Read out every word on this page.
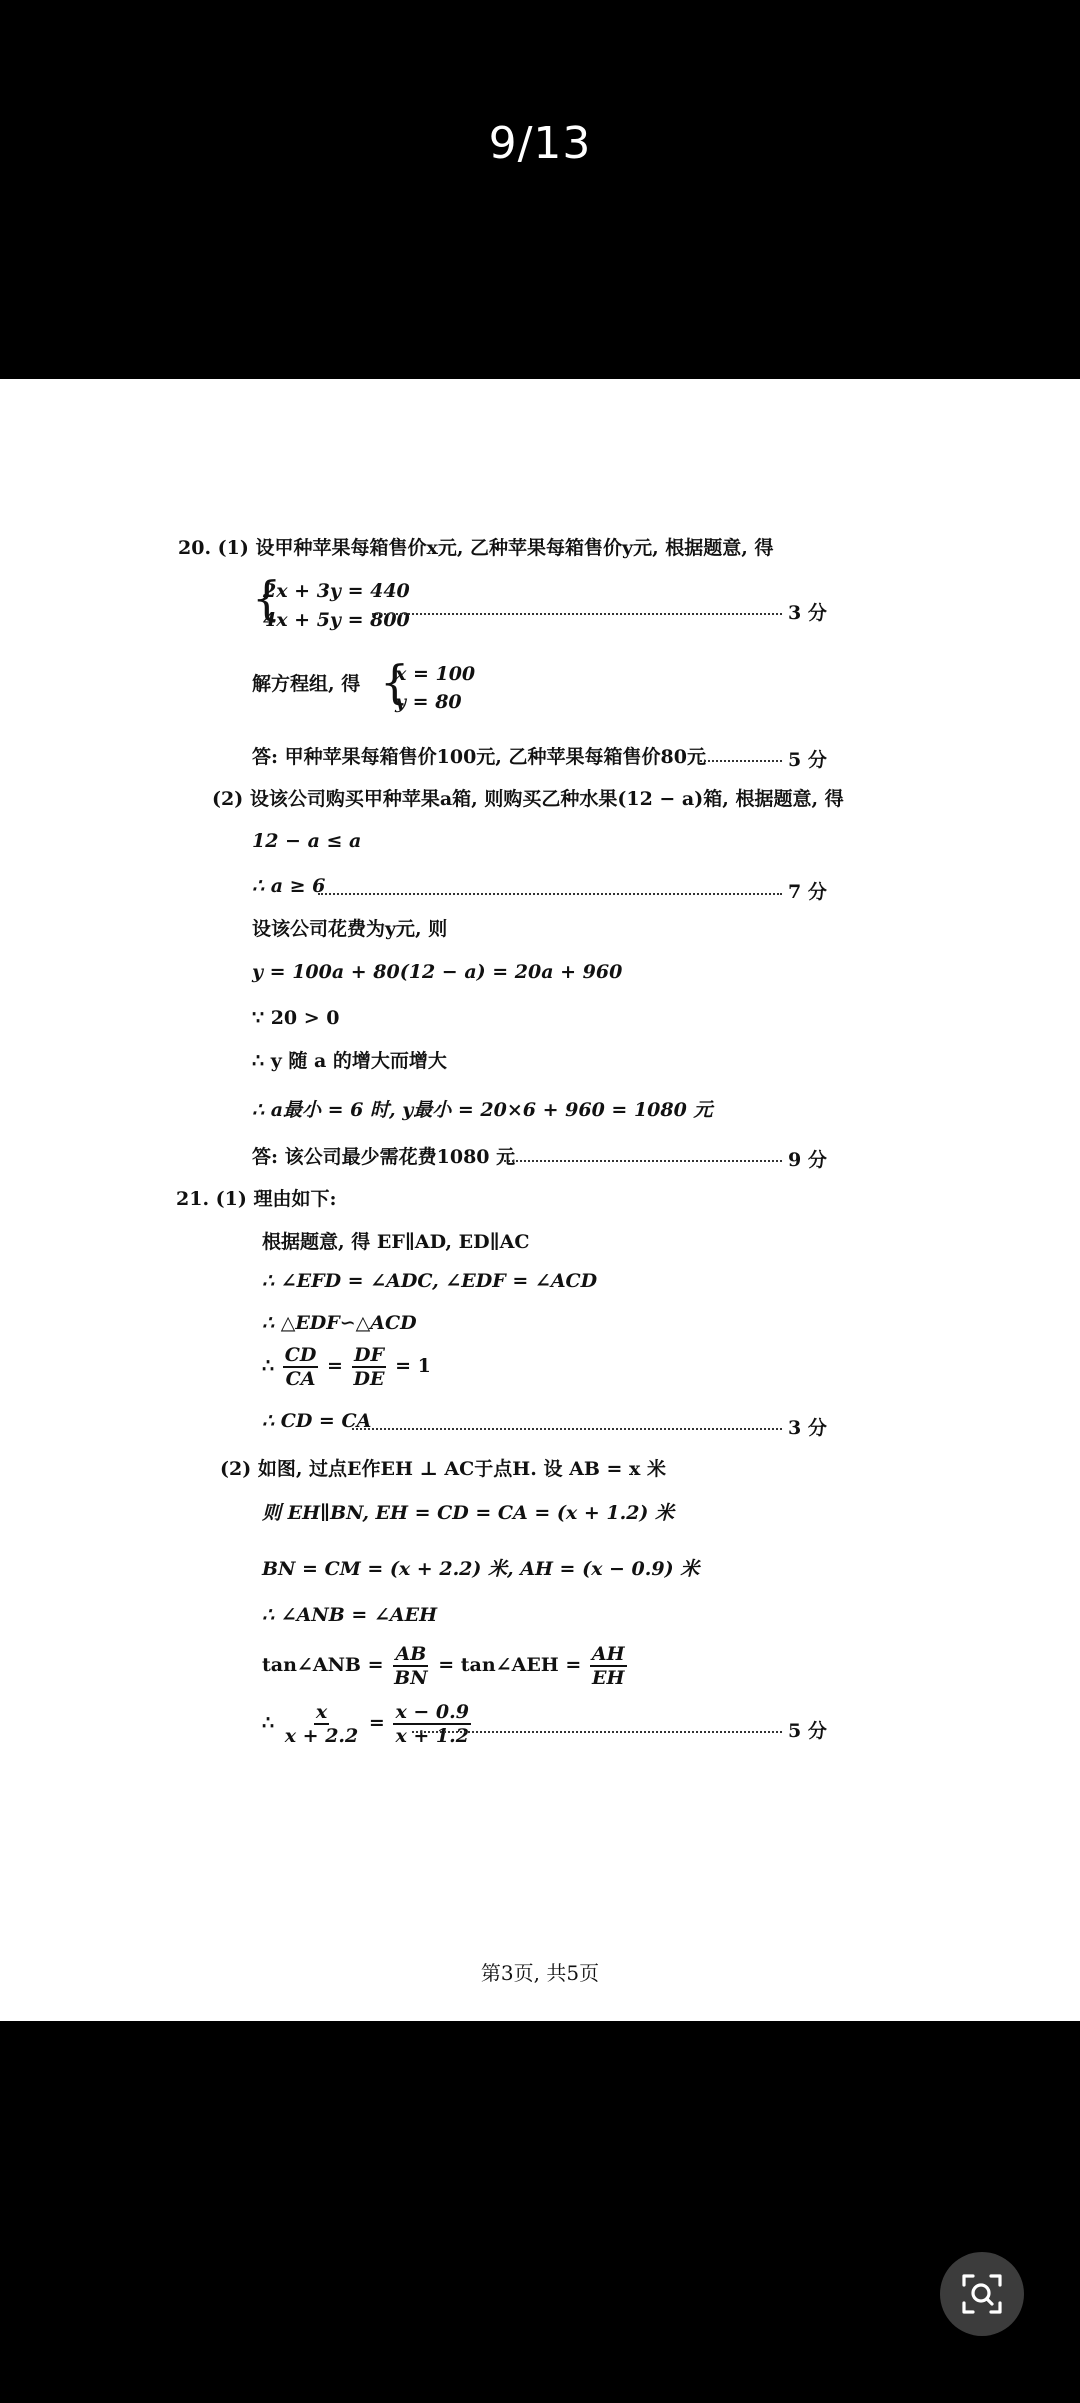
9/13
20. (1) 设甲种苹果每箱售价x元, 乙种苹果每箱售价y元, 根据题意, 得
{
2x + 3y = 440
4x + 5y = 800	3 分
解方程组, 得 {
x = 100
y = 80
答: 甲种苹果每箱售价100元, 乙种苹果每箱售价80元	5 分
(2) 设该公司购买甲种苹果a箱, 则购买乙种水果(12 − a)箱, 根据题意, 得
12 − a ≤ a
∴ a ≥ 6	7 分
设该公司花费为y元, 则
y = 100a + 80(12 − a) = 20a + 960
∵ 20 > 0
∴ y 随 a 的增大而增大
∴ a最小 = 6 时, y最小 = 20×6 + 960 = 1080 元
答: 该公司最少需花费1080 元	9 分
21. (1) 理由如下:
根据题意, 得 EF∥AD, ED∥AC
∴ ∠EFD = ∠ADC, ∠EDF = ∠ACD
∴ △EDF∽△ACD
∴ $\frac{CD}{CA} = \frac{DF}{DE} = 1$
∴ CD = CA	3 分
(2) 如图, 过点E作EH ⊥ AC于点H. 设 AB = x 米
则 EH∥BN, EH = CD = CA = (x + 1.2) 米
BN = CM = (x + 2.2) 米, AH = (x − 0.9) 米
∴ ∠ANB = ∠AEH
tan∠ANB = $\frac{AB}{BN}$ = tan∠AEH = $\frac{AH}{EH}$
∴ $\frac{x}{x + 2.2} = \frac{x - 0.9}{x + 1.2}$	5 分
第3页, 共5页
